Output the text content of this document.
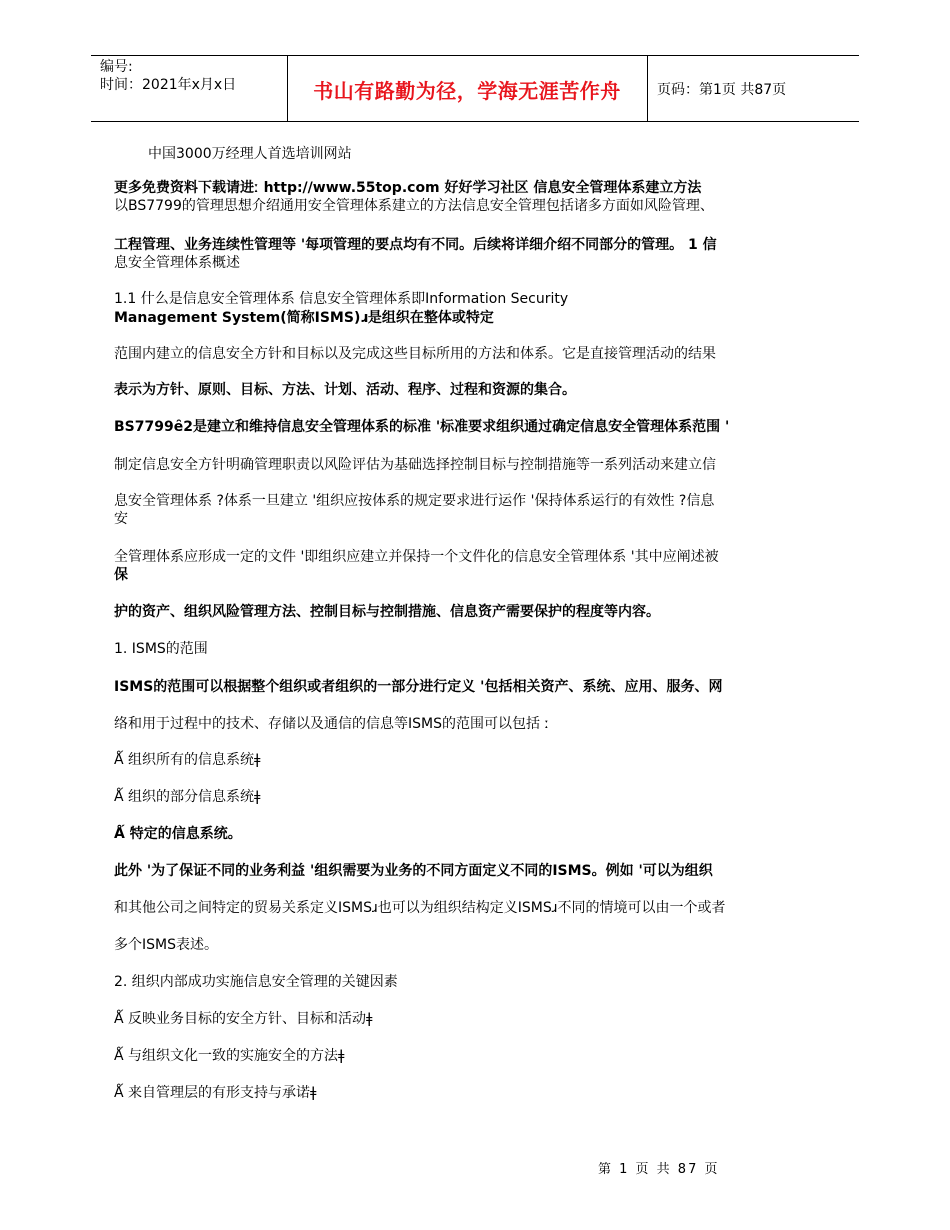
编号:
时间：2021年x月x日	书山有路勤为径，学海无涯苦作舟	页码：第1页 共87页
中国3000万经理人首选培训网站
更多免费资料下载请进ː http://www.55top.com 好好学习社区 信息安全管理体系建立方法
以BS7799的管理思想介绍通用安全管理体系建立的方法信息安全管理包括诸多方面如风险管理、
工程管理、业务连续性管理等 '每项管理的要点均有不同。后续将详细介绍不同部分的管理。 1 信
息安全管理体系概述
1.1 什么是信息安全管理体系 信息安全管理体系即Information Security
Management System(简称ISMS)ɹ是组织在整体或特定
范围内建立的信息安全方针和目标以及完成这些目标所用的方法和体系。它是直接管理活动的结果
表示为方针、原则、目标、方法、计划、活动、程序、过程和资源的集合。
BS7799ȇ2是建立和维持信息安全管理体系的标准 '标准要求组织通过确定信息安全管理体系范围 '
制定信息安全方针明确管理职责以风险评估为基础选择控制目标与控制措施等一系列活动来建立信
息安全管理体系 ?体系一旦建立 '组织应按体系的规定要求进行运作 '保持体系运行的有效性 ?信息
安
全管理体系应形成一定的文件 '即组织应建立并保持一个文件化的信息安全管理体系 '其中应阐述被
保
护的资产、组织风险管理方法、控制目标与控制措施、信息资产需要保护的程度等内容。
1. ISMS的范围
ISMS的范围可以根据整个组织或者组织的一部分进行定义 '包括相关资产、系统、应用、服务、网
络和用于过程中的技术、存储以及通信的信息等ISMS的范围可以包括 ː
Ǻ 组织所有的信息系统ǂ
Ǻ 组织的部分信息系统ǂ
Ǻ 特定的信息系统。
此外 '为了保证不同的业务利益 '组织需要为业务的不同方面定义不同的ISMS。例如 '可以为组织
和其他公司之间特定的贸易关系定义ISMSɹ也可以为组织结构定义ISMSɹ不同的情境可以由一个或者
多个ISMS表述。
2. 组织内部成功实施信息安全管理的关键因素
Ǻ 反映业务目标的安全方针、目标和活动ǂ
Ǻ 与组织文化一致的实施安全的方法ǂ
Ǻ 来自管理层的有形支持与承诺ǂ
第 1 页 共 87 页
